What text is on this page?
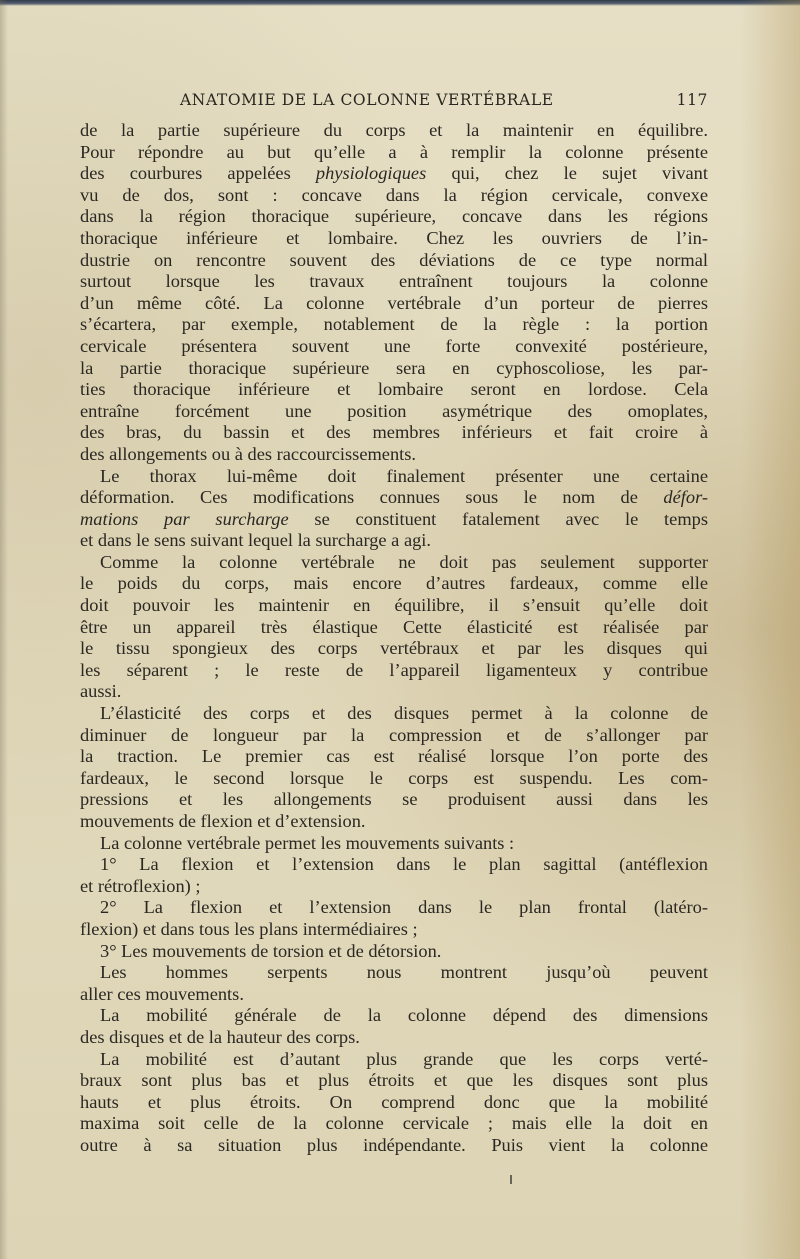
ANATOMIE DE LA COLONNE VERTÉBRALE	117
de la partie supérieure du corps et la maintenir en équilibre.
Pour répondre au but qu’elle a à remplir la colonne présente
des courbures appelées physiologiques qui, chez le sujet vivant
vu de dos, sont : concave dans la région cervicale, convexe
dans la région thoracique supérieure, concave dans les régions
thoracique inférieure et lombaire. Chez les ouvriers de l’in-
dustrie on rencontre souvent des déviations de ce type normal
surtout lorsque les travaux entraînent toujours la colonne
d’un même côté. La colonne vertébrale d’un porteur de pierres
s’écartera, par exemple, notablement de la règle : la portion
cervicale présentera souvent une forte convexité postérieure,
la partie thoracique supérieure sera en cyphoscoliose, les par-
ties thoracique inférieure et lombaire seront en lordose. Cela
entraîne forcément une position asymétrique des omoplates,
des bras, du bassin et des membres inférieurs et fait croire à
des allongements ou à des raccourcissements.
Le thorax lui-même doit finalement présenter une certaine
déformation. Ces modifications connues sous le nom de défor-
mations par surcharge se constituent fatalement avec le temps
et dans le sens suivant lequel la surcharge a agi.
Comme la colonne vertébrale ne doit pas seulement supporter
le poids du corps, mais encore d’autres fardeaux, comme elle
doit pouvoir les maintenir en équilibre, il s’ensuit qu’elle doit
être un appareil très élastique Cette élasticité est réalisée par
le tissu spongieux des corps vertébraux et par les disques qui
les séparent ; le reste de l’appareil ligamenteux y contribue
aussi.
L’élasticité des corps et des disques permet à la colonne de
diminuer de longueur par la compression et de s’allonger par
la traction. Le premier cas est réalisé lorsque l’on porte des
fardeaux, le second lorsque le corps est suspendu. Les com-
pressions et les allongements se produisent aussi dans les
mouvements de flexion et d’extension.
La colonne vertébrale permet les mouvements suivants :
1° La flexion et l’extension dans le plan sagittal (antéflexion
et rétroflexion) ;
2° La flexion et l’extension dans le plan frontal (latéro-
flexion) et dans tous les plans intermédiaires ;
3° Les mouvements de torsion et de détorsion.
Les hommes serpents nous montrent jusqu’où peuvent
aller ces mouvements.
La mobilité générale de la colonne dépend des dimensions
des disques et de la hauteur des corps.
La mobilité est d’autant plus grande que les corps verté-
braux sont plus bas et plus étroits et que les disques sont plus
hauts et plus étroits. On comprend donc que la mobilité
maxima soit celle de la colonne cervicale ; mais elle la doit en
outre à sa situation plus indépendante. Puis vient la colonne
